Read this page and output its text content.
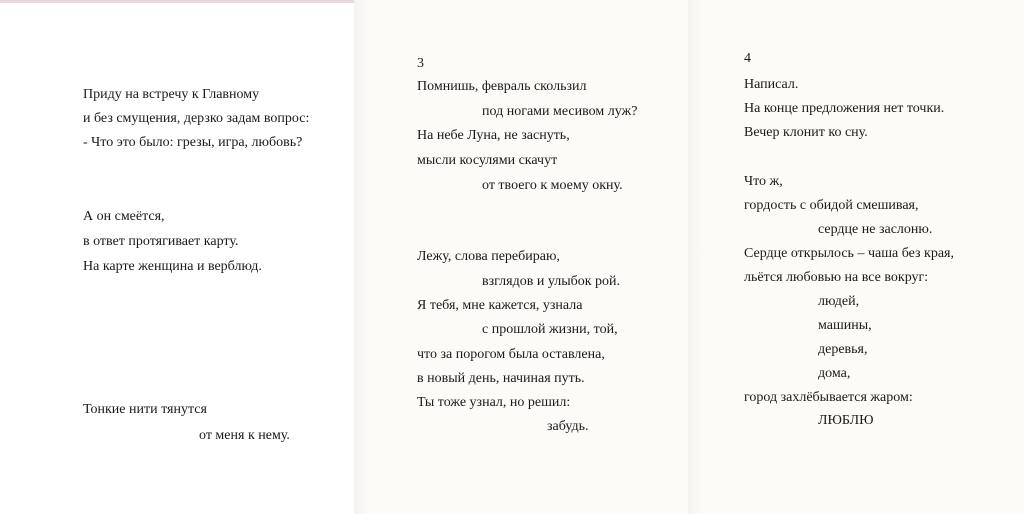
Приду на встречу к Главному
и без смущения, дерзко задам вопрос:
- Что это было: грезы, игра, любовь?
А он смеётся,
в ответ протягивает карту.
На карте женщина и верблюд.
Тонкие нити тянутся
от меня к нему.
3
Помнишь, февраль скользил
под ногами месивом луж?
На небе Луна, не заснуть,
мысли косулями скачут
от твоего к моему окну.
Лежу, слова перебираю,
взглядов и улыбок рой.
Я тебя, мне кажется, узнала
с прошлой жизни, той,
что за порогом была оставлена,
в новый день, начиная путь.
Ты тоже узнал, но решил:
забудь.
4
Написал.
На конце предложения нет точки.
Вечер клонит ко сну.
Что ж,
гордость с обидой смешивая,
сердце не заслоню.
Сердце открылось – чаша без края,
льётся любовью на все вокруг:
людей,
машины,
деревья,
дома,
город захлёбывается жаром:
ЛЮБЛЮ
